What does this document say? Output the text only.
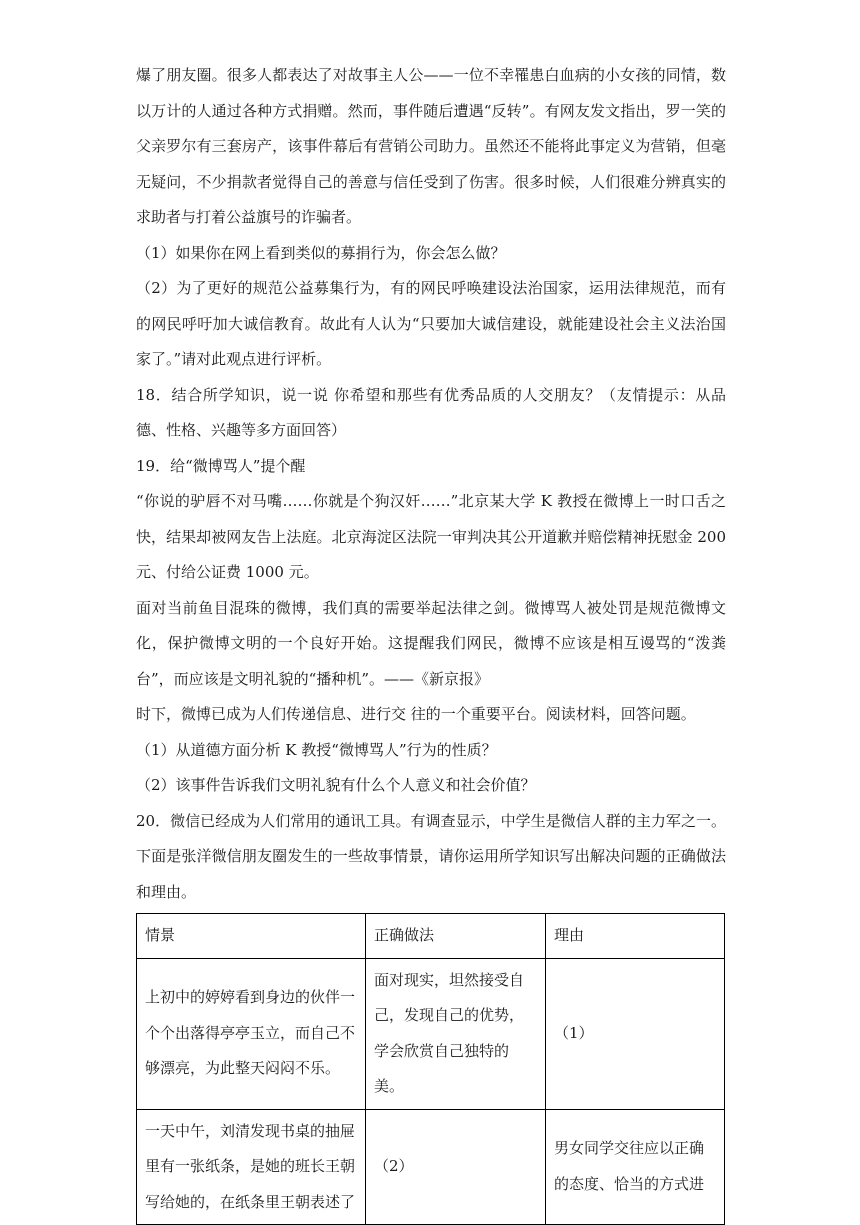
爆了朋友圈。很多人都表达了对故事主人公——一位不幸罹患白血病的小女孩的同情，数以万计的人通过各种方式捐赠。然而，事件随后遭遇“反转”。有网友发文指出，罗一笑的父亲罗尔有三套房产，该事件幕后有营销公司助力。虽然还不能将此事定义为营销，但毫无疑问，不少捐款者觉得自己的善意与信任受到了伤害。很多时候，人们很难分辨真实的求助者与打着公益旗号的诈骗者。

（1）如果你在网上看到类似的募捐行为，你会怎么做？

（2）为了更好的规范公益募集行为，有的网民呼唤建设法治国家，运用法律规范，而有的网民呼吁加大诚信教育。故此有人认为“只要加大诚信建设，就能建设社会主义法治国家了。”请对此观点进行评析。

18．结合所学知识，说一说 你希望和那些有优秀品质的人交朋友？（友情提示：从品德、性格、兴趣等多方面回答）

19．给“微博骂人”提个醒

“你说的驴唇不对马嘴……你就是个狗汉奸……”北京某大学 K 教授在微博上一时口舌之快，结果却被网友告上法庭。北京海淀区法院一审判决其公开道歉并赔偿精神抚慰金 200 元、付给公证费 1000 元。

面对当前鱼目混珠的微博，我们真的需要举起法律之剑。微博骂人被处罚是规范微博文化，保护微博文明的一个良好开始。这提醒我们网民，微博不应该是相互谩骂的“泼粪台”，而应该是文明礼貌的“播种机”。——《新京报》

时下，微博已成为人们传递信息、进行交 往的一个重要平台。阅读材料，回答问题。

（1）从道德方面分析 K 教授“微博骂人”行为的性质？

（2）该事件告诉我们文明礼貌有什么个人意义和社会价值？

20．微信已经成为人们常用的通讯工具。有调查显示，中学生是微信人群的主力军之一。下面是张洋微信朋友圈发生的一些故事情景，请你运用所学知识写出解决问题的正确做法和理由。

情景	正确做法	理由
上初中的婷婷看到身边的伙伴一个个出落得亭亭玉立，而自己不够漂亮，为此整天闷闷不乐。	面对现实，坦然接受自己，发现自己的优势，学会欣赏自己独特的美。	（1）
一天中午，刘清发现书桌的抽屉里有一张纸条，是她的班长王朝写给她的，在纸条里王朝表述了	（2）	男女同学交往应以正确的态度、恰当的方式进
